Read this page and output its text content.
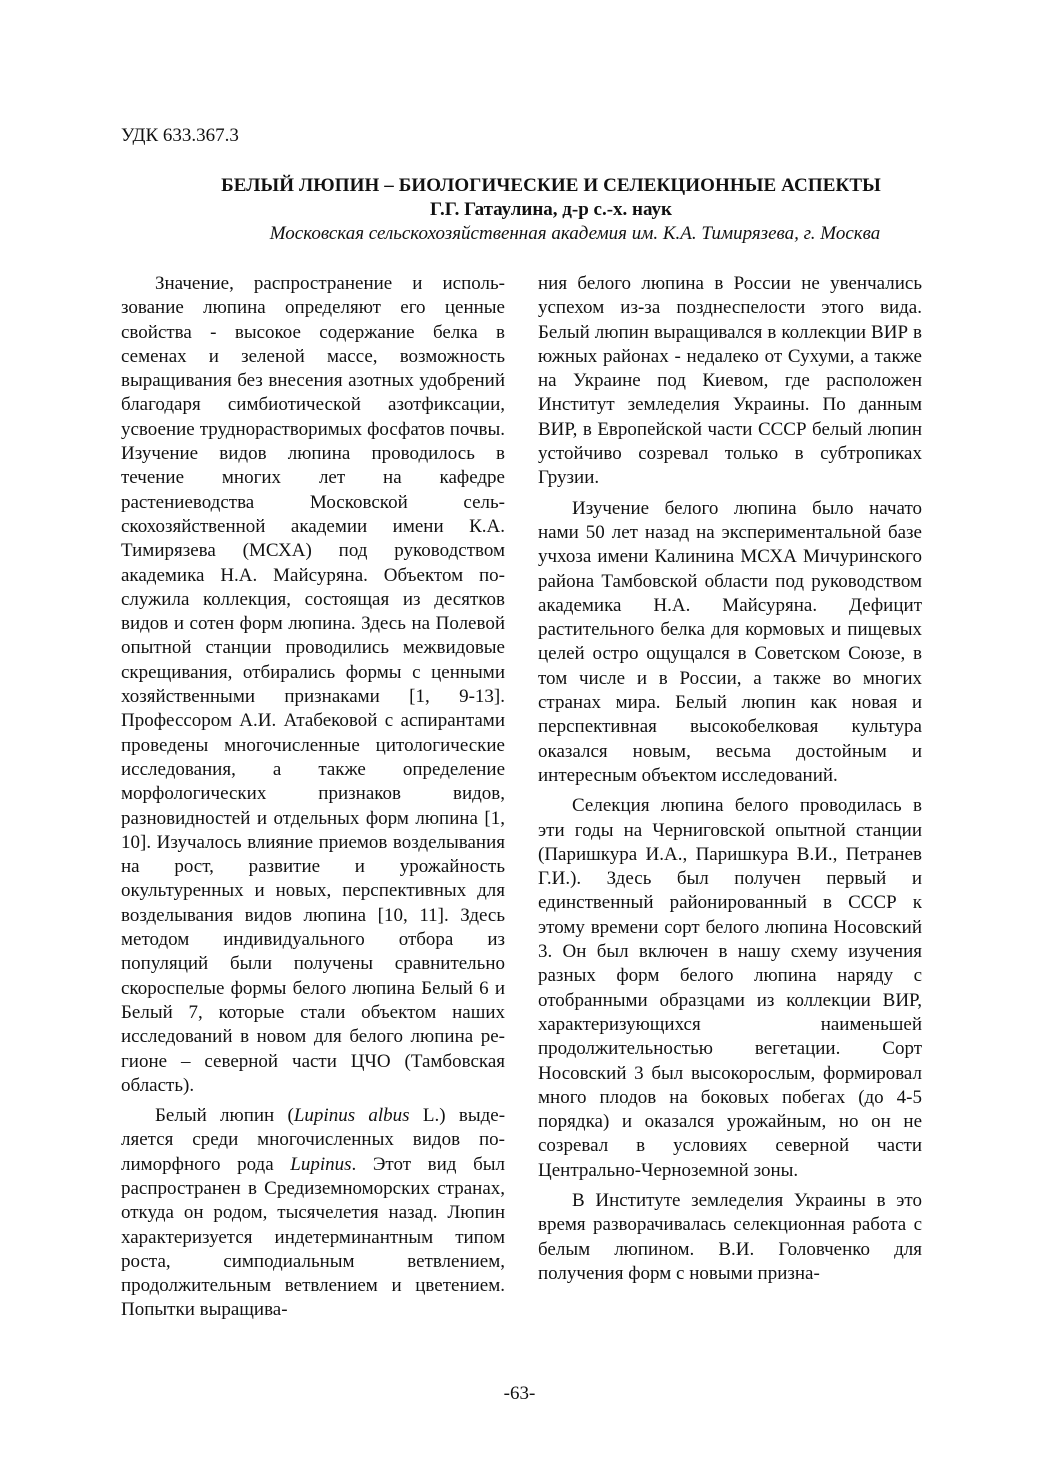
УДК 633.367.3
БЕЛЫЙ ЛЮПИН – БИОЛОГИЧЕСКИЕ И СЕЛЕКЦИОННЫЕ АСПЕКТЫ
Г.Г. Гатаулина, д-р с.-х. наук
Московская сельскохозяйственная академия им. К.А. Тимирязева, г. Москва

Значение, распространение и использование люпина определяют его ценные свойства - высокое содержание белка в семенах и зеленой массе, возможность выращивания без внесения азотных удобрений благодаря симбиотической азотфиксации, усвоение труднорастворимых фосфатов почвы. Изучение видов люпина проводилось в течение многих лет на кафедре растениеводства Московской сельскохозяйственной академии имени К.А. Тимирязева (МСХА) под руководством академика Н.А. Майсуряна. Объектом послужила коллекция, состоящая из десятков видов и сотен форм люпина. Здесь на Полевой опытной станции проводились межвидовые скрещивания, отбирались формы с ценными хозяйственными признаками [1, 9-13]. Профессором А.И. Атабековой с аспирантами проведены многочисленные цитологические исследования, а также определение морфологических признаков видов, разновидностей и отдельных форм люпина [1, 10]. Изучалось влияние приемов возделывания на рост, развитие и урожайность окультуренных и новых, перспективных для возделывания видов люпина [10, 11]. Здесь методом индивидуального отбора из популяций были получены сравнительно скороспелые формы белого люпина Белый 6 и Белый 7, которые стали объектом наших исследований в новом для белого люпина регионе – северной части ЦЧО (Тамбовская область).

Белый люпин (Lupinus albus L.) выделяется среди многочисленных видов полиморфного рода Lupinus. Этот вид был распространен в Средиземноморских странах, откуда он родом, тысячелетия назад. Люпин характеризуется индетерминантным типом роста, симподиальным ветвлением, продолжительным ветвлением и цветением. Попытки выращива-

ния белого люпина в России не увенчались успехом из-за позднеспелости этого вида. Белый люпин выращивался в коллекции ВИР в южных районах - недалеко от Сухуми, а также на Украине под Киевом, где расположен Институт земледелия Украины. По данным ВИР, в Европейской части СССР белый люпин устойчиво созревал только в субтропиках Грузии.

Изучение белого люпина было начато нами 50 лет назад на экспериментальной базе учхоза имени Калинина МСХА Мичуринского района Тамбовской области под руководством академика Н.А. Майсуряна. Дефицит растительного белка для кормовых и пищевых целей остро ощущался в Советском Союзе, в том числе и в России, а также во многих странах мира. Белый люпин как новая и перспективная высокобелковая культура оказался новым, весьма достойным и интересным объектом исследований.

Селекция люпина белого проводилась в эти годы на Черниговской опытной станции (Паришкура И.А., Паришкура В.И., Петранев Г.И.). Здесь был получен первый и единственный районированный в СССР к этому времени сорт белого люпина Носовский 3. Он был включен в нашу схему изучения разных форм белого люпина наряду с отобранными образцами из коллекции ВИР, характеризующихся наименьшей продолжительностью вегетации. Сорт Носовский 3 был высокорослым, формировал много плодов на боковых побегах (до 4-5 порядка) и оказался урожайным, но он не созревал в условиях северной части Центрально-Черноземной зоны.

В Институте земледелия Украины в это время разворачивалась селекционная работа с белым люпином. В.И. Головченко для получения форм с новыми призна-

-63-
